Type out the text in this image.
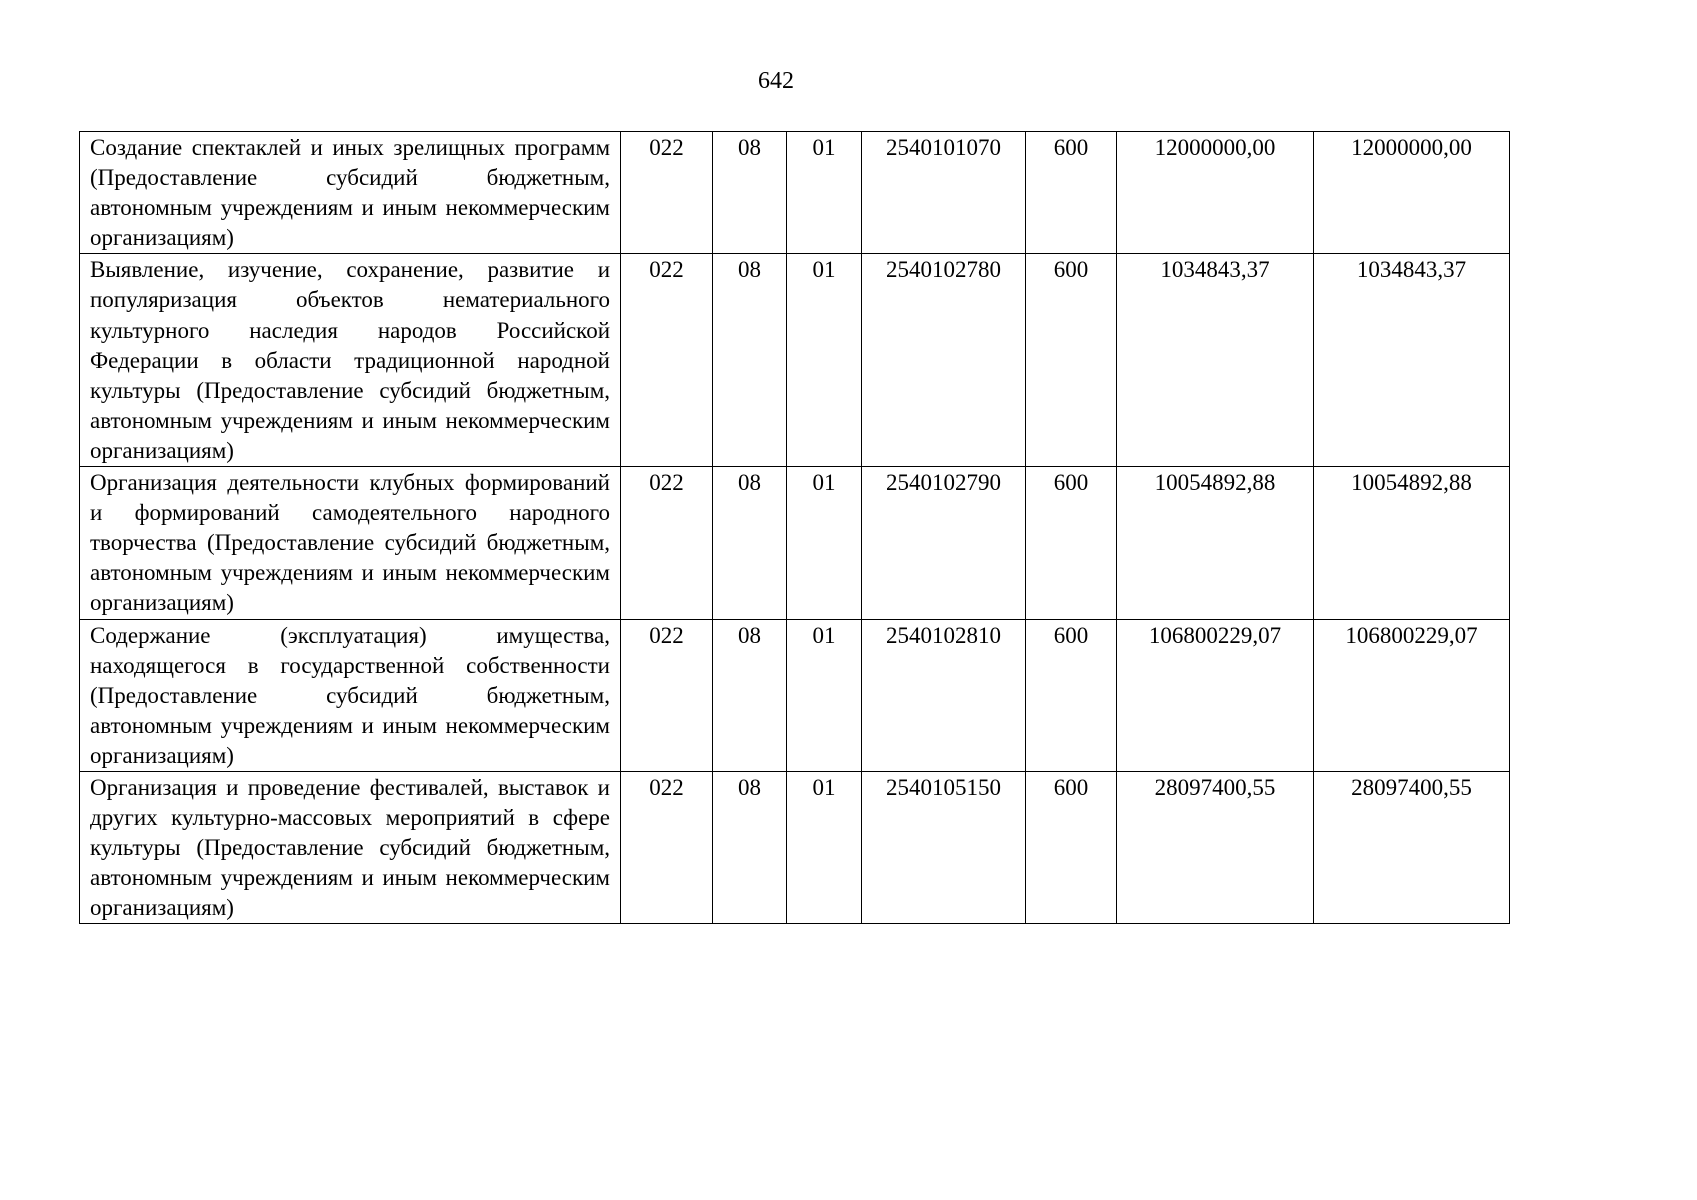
642
Создание спектаклей и иных зрелищных программ (Предоставление субсидий бюджетным, автономным учреждениям и иным некоммерческим организациям)	022	08	01	2540101070	600	12000000,00	12000000,00
Выявление, изучение, сохранение, развитие и популяризация объектов нематериального культурного наследия народов Российской Федерации в области традиционной народной культуры (Предоставление субсидий бюджетным, автономным учреждениям и иным некоммерческим организациям)	022	08	01	2540102780	600	1034843,37	1034843,37
Организация деятельности клубных формирований и формирований самодеятельного народного творчества (Предоставление субсидий бюджетным, автономным учреждениям и иным некоммерческим организациям)	022	08	01	2540102790	600	10054892,88	10054892,88
Содержание (эксплуатация) имущества, находящегося в государственной собственности (Предоставление субсидий бюджетным, автономным учреждениям и иным некоммерческим организациям)	022	08	01	2540102810	600	106800229,07	106800229,07
Организация и проведение фестивалей, выставок и других культурно-массовых мероприятий в сфере культуры (Предоставление субсидий бюджетным, автономным учреждениям и иным некоммерческим организациям)	022	08	01	2540105150	600	28097400,55	28097400,55
